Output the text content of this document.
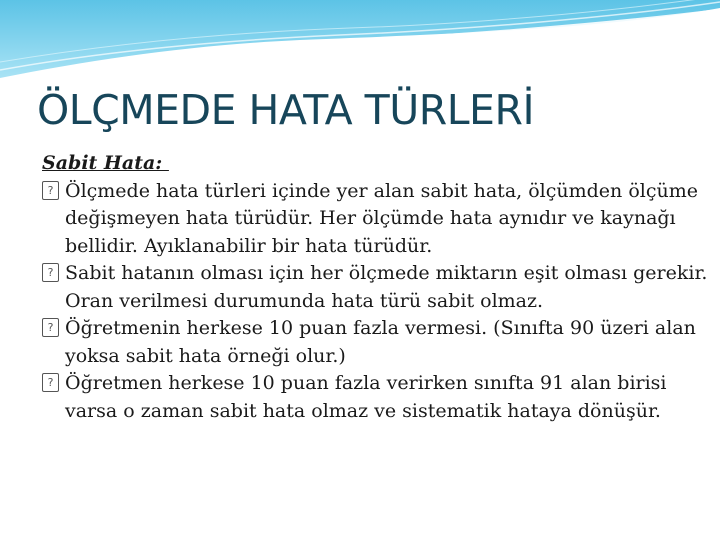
ÖLÇMEDE HATA TÜRLERİ
Sabit Hata:
? Ölçmede hata türleri içinde yer alan sabit hata, ölçümden ölçüme değişmeyen hata türüdür. Her ölçümde hata aynıdır ve kaynağı bellidir. Ayıklanabilir bir hata türüdür.
? Sabit hatanın olması için her ölçmede miktarın eşit olması gerekir. Oran verilmesi durumunda hata türü sabit olmaz.
? Öğretmenin herkese 10 puan fazla vermesi. (Sınıfta 90 üzeri alan yoksa sabit hata örneği olur.)
? Öğretmen herkese 10 puan fazla verirken sınıfta 91 alan birisi varsa o zaman sabit hata olmaz ve sistematik hataya dönüşür.
